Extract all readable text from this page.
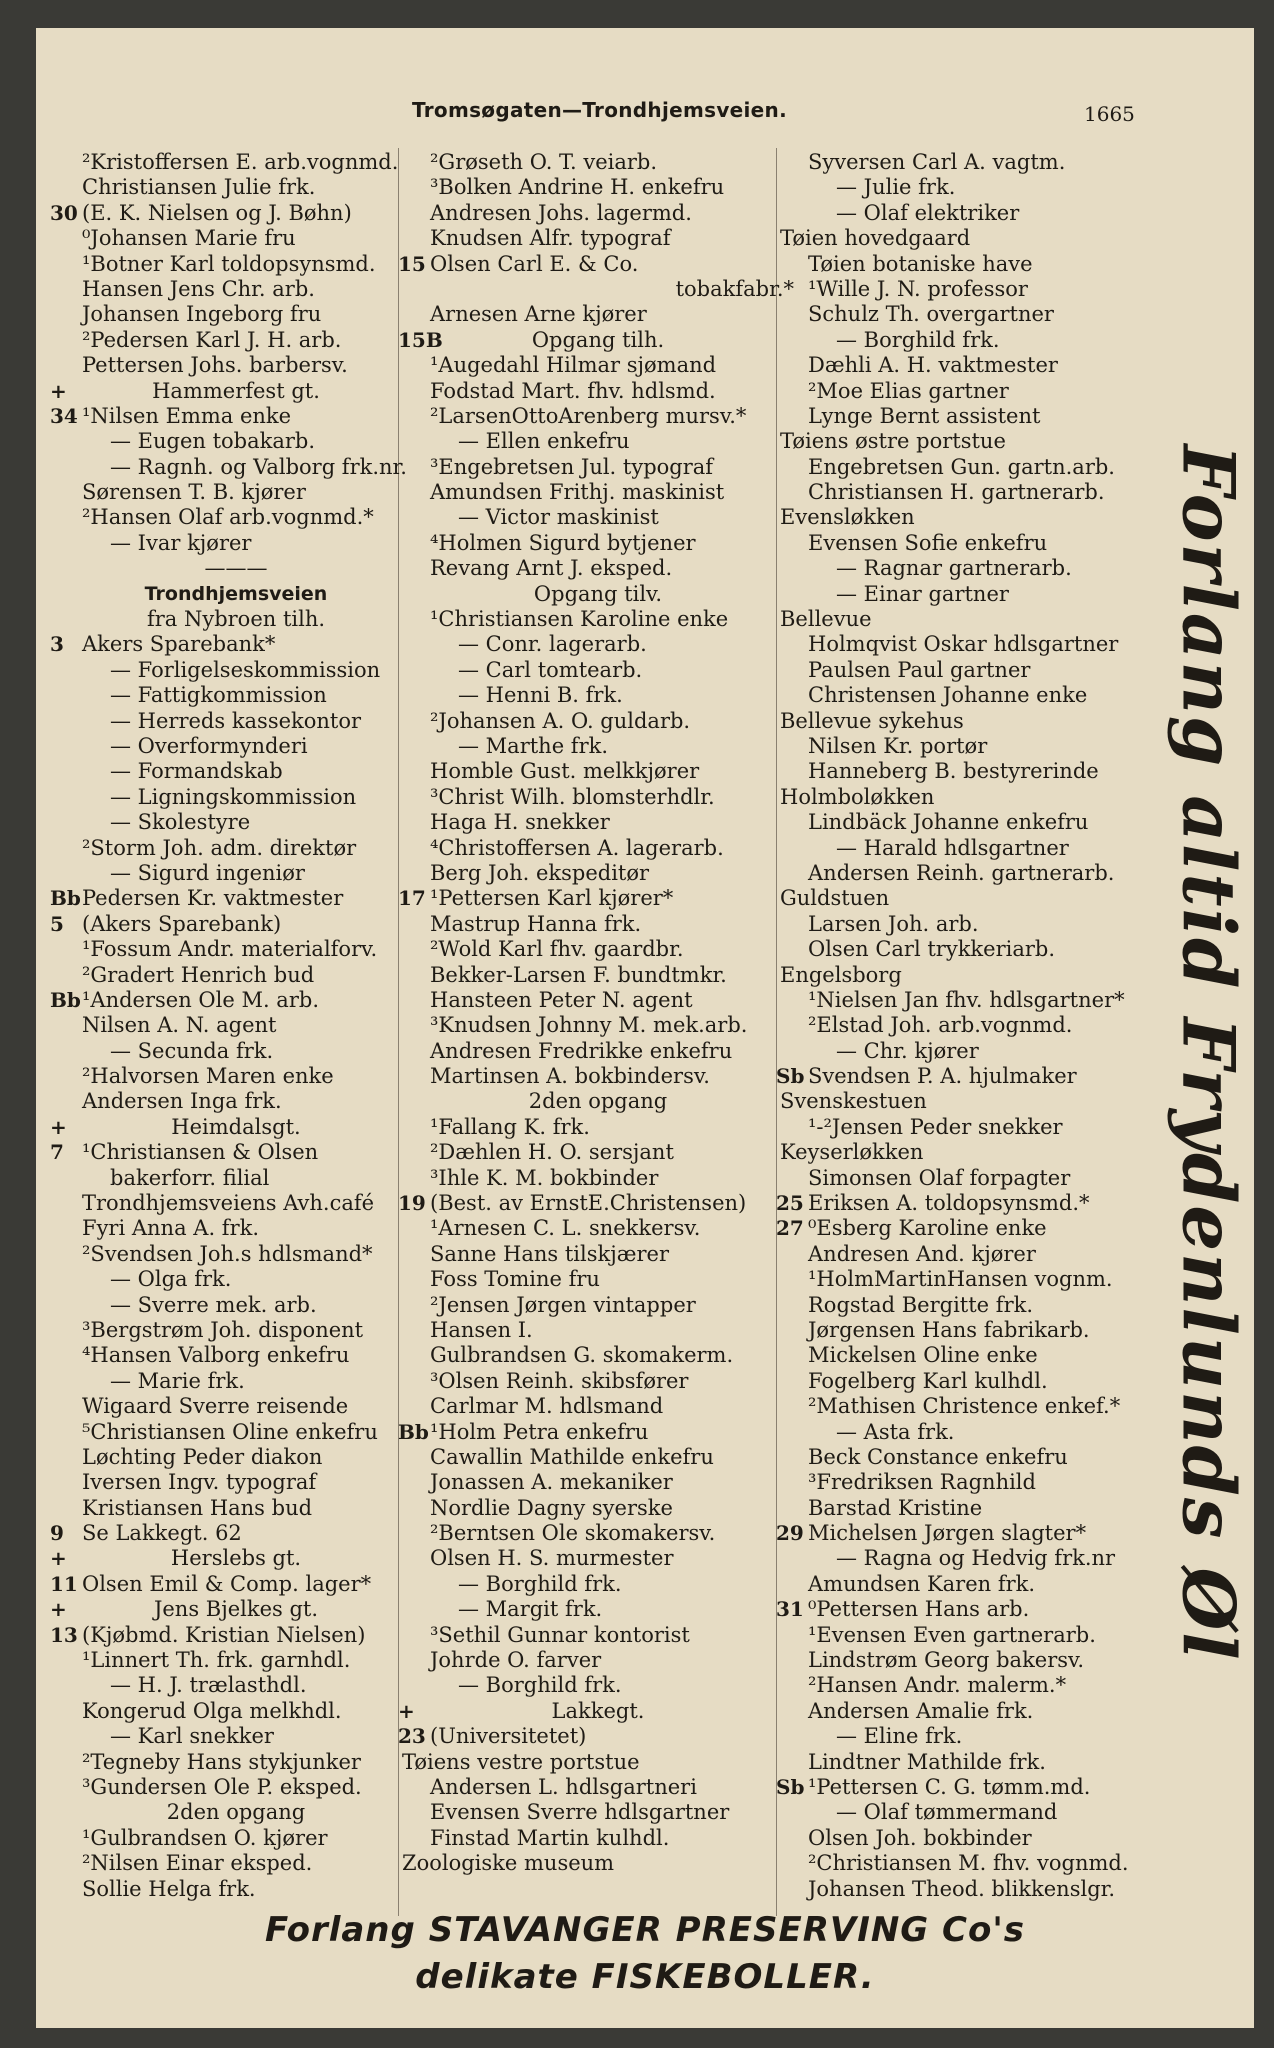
Tromsøgaten—Trondhjemsveien.	1665
²Kristoffersen E. arb.vognmd.
Christiansen Julie frk.
30 (E. K. Nielsen og J. Bøhn)
⁰Johansen Marie fru
¹Botner Karl toldopsynsmd.
Hansen Jens Chr. arb.
Johansen Ingeborg fru
²Pedersen Karl J. H. arb.
Pettersen Johs. barbersv.
+	Hammerfest gt.
34 ¹Nilsen Emma enke
— Eugen tobakarb.
— Ragnh. og Valborg frk.nr.
Sørensen T. B. kjører
²Hansen Olaf arb.vognmd.*
— Ivar kjører
———
Trondhjemsveien
fra Nybroen tilh.
3 Akers Sparebank*
— Forligelseskommission
— Fattigkommission
— Herreds kassekontor
— Overformynderi
— Formandskab
— Ligningskommission
— Skolestyre
²Storm Joh. adm. direktør
— Sigurd ingeniør
Bb Pedersen Kr. vaktmester
5 (Akers Sparebank)
¹Fossum Andr. materialforv.
²Gradert Henrich bud
Bb ¹Andersen Ole M. arb.
Nilsen A. N. agent
— Secunda frk.
²Halvorsen Maren enke
Andersen Inga frk.
+	Heimdalsgt.
7 ¹Christiansen & Olsen
bakerforr. filial
Trondhjemsveiens Avh.café
Fyri Anna A. frk.
²Svendsen Joh.s hdlsmand*
— Olga frk.
— Sverre mek. arb.
³Bergstrøm Joh. disponent
⁴Hansen Valborg enkefru
— Marie frk.
Wigaard Sverre reisende
⁵Christiansen Oline enkefru
Løchting Peder diakon
Iversen Ingv. typograf
Kristiansen Hans bud
9 Se Lakkegt. 62
+	Herslebs gt.
11 Olsen Emil & Comp. lager*
+	Jens Bjelkes gt.
13 (Kjøbmd. Kristian Nielsen)
¹Linnert Th. frk. garnhdl.
— H. J. trælasthdl.
Kongerud Olga melkhdl.
— Karl snekker
²Tegneby Hans stykjunker
³Gundersen Ole P. eksped.
2den opgang
¹Gulbrandsen O. kjører
²Nilsen Einar eksped.
Sollie Helga frk.
²Grøseth O. T. veiarb.
³Bolken Andrine H. enkefru
Andresen Johs. lagermd.
Knudsen Alfr. typograf
15 Olsen Carl E. & Co.
tobakfabr.*
Arnesen Arne kjører
15B	Opgang tilh.
¹Augedahl Hilmar sjømand
Fodstad Mart. fhv. hdlsmd.
²LarsenOttoArenberg mursv.*
— Ellen enkefru
³Engebretsen Jul. typograf
Amundsen Frithj. maskinist
— Victor maskinist
⁴Holmen Sigurd bytjener
Revang Arnt J. eksped.
Opgang tilv.
¹Christiansen Karoline enke
— Conr. lagerarb.
— Carl tomtearb.
— Henni B. frk.
²Johansen A. O. guldarb.
— Marthe frk.
Homble Gust. melkkjører
³Christ Wilh. blomsterhdlr.
Haga H. snekker
⁴Christoffersen A. lagerarb.
Berg Joh. ekspeditør
17 ¹Pettersen Karl kjører*
Mastrup Hanna frk.
²Wold Karl fhv. gaardbr.
Bekker-Larsen F. bundtmkr.
Hansteen Peter N. agent
³Knudsen Johnny M. mek.arb.
Andresen Fredrikke enkefru
Martinsen A. bokbindersv.
2den opgang
¹Fallang K. frk.
²Dæhlen H. O. sersjant
³Ihle K. M. bokbinder
19 (Best. av ErnstE.Christensen)
¹Arnesen C. L. snekkersv.
Sanne Hans tilskjærer
Foss Tomine fru
²Jensen Jørgen vintapper
Hansen I.
Gulbrandsen G. skomakerm.
³Olsen Reinh. skibsfører
Carlmar M. hdlsmand
Bb ¹Holm Petra enkefru
Cawallin Mathilde enkefru
Jonassen A. mekaniker
Nordlie Dagny syerske
²Berntsen Ole skomakersv.
Olsen H. S. murmester
— Borghild frk.
— Margit frk.
³Sethil Gunnar kontorist
Johrde O. farver
— Borghild frk.
+	Lakkegt.
23 (Universitetet)
Tøiens vestre portstue
Andersen L. hdlsgartneri
Evensen Sverre hdlsgartner
Finstad Martin kulhdl.
Zoologiske museum
Syversen Carl A. vagtm.
— Julie frk.
— Olaf elektriker
Tøien hovedgaard
Tøien botaniske have
¹Wille J. N. professor
Schulz Th. overgartner
— Borghild frk.
Dæhli A. H. vaktmester
²Moe Elias gartner
Lynge Bernt assistent
Tøiens østre portstue
Engebretsen Gun. gartn.arb.
Christiansen H. gartnerarb.
Evensløkken
Evensen Sofie enkefru
— Ragnar gartnerarb.
— Einar gartner
Bellevue
Holmqvist Oskar hdlsgartner
Paulsen Paul gartner
Christensen Johanne enke
Bellevue sykehus
Nilsen Kr. portør
Hanneberg B. bestyrerinde
Holmboløkken
Lindbäck Johanne enkefru
— Harald hdlsgartner
Andersen Reinh. gartnerarb.
Guldstuen
Larsen Joh. arb.
Olsen Carl trykkeriarb.
Engelsborg
¹Nielsen Jan fhv. hdlsgartner*
²Elstad Joh. arb.vognmd.
— Chr. kjører
Sb Svendsen P. A. hjulmaker
Svenskestuen
¹-²Jensen Peder snekker
Keyserløkken
Simonsen Olaf forpagter
25 Eriksen A. toldopsynsmd.*
27 ⁰Esberg Karoline enke
Andresen And. kjører
¹HolmMartinHansen vognm.
Rogstad Bergitte frk.
Jørgensen Hans fabrikarb.
Mickelsen Oline enke
Fogelberg Karl kulhdl.
²Mathisen Christence enkef.*
— Asta frk.
Beck Constance enkefru
³Fredriksen Ragnhild
Barstad Kristine
29 Michelsen Jørgen slagter*
— Ragna og Hedvig frk.nr
Amundsen Karen frk.
31 ⁰Pettersen Hans arb.
¹Evensen Even gartnerarb.
Lindstrøm Georg bakersv.
²Hansen Andr. malerm.*
Andersen Amalie frk.
— Eline frk.
Lindtner Mathilde frk.
Sb ¹Pettersen C. G. tømm.md.
— Olaf tømmermand
Olsen Joh. bokbinder
²Christiansen M. fhv. vognmd.
Johansen Theod. blikkenslgr.
Forlang altid Frydenlunds Øl
Forlang STAVANGER PRESERVING Co's
delikate FISKEBOLLER.
